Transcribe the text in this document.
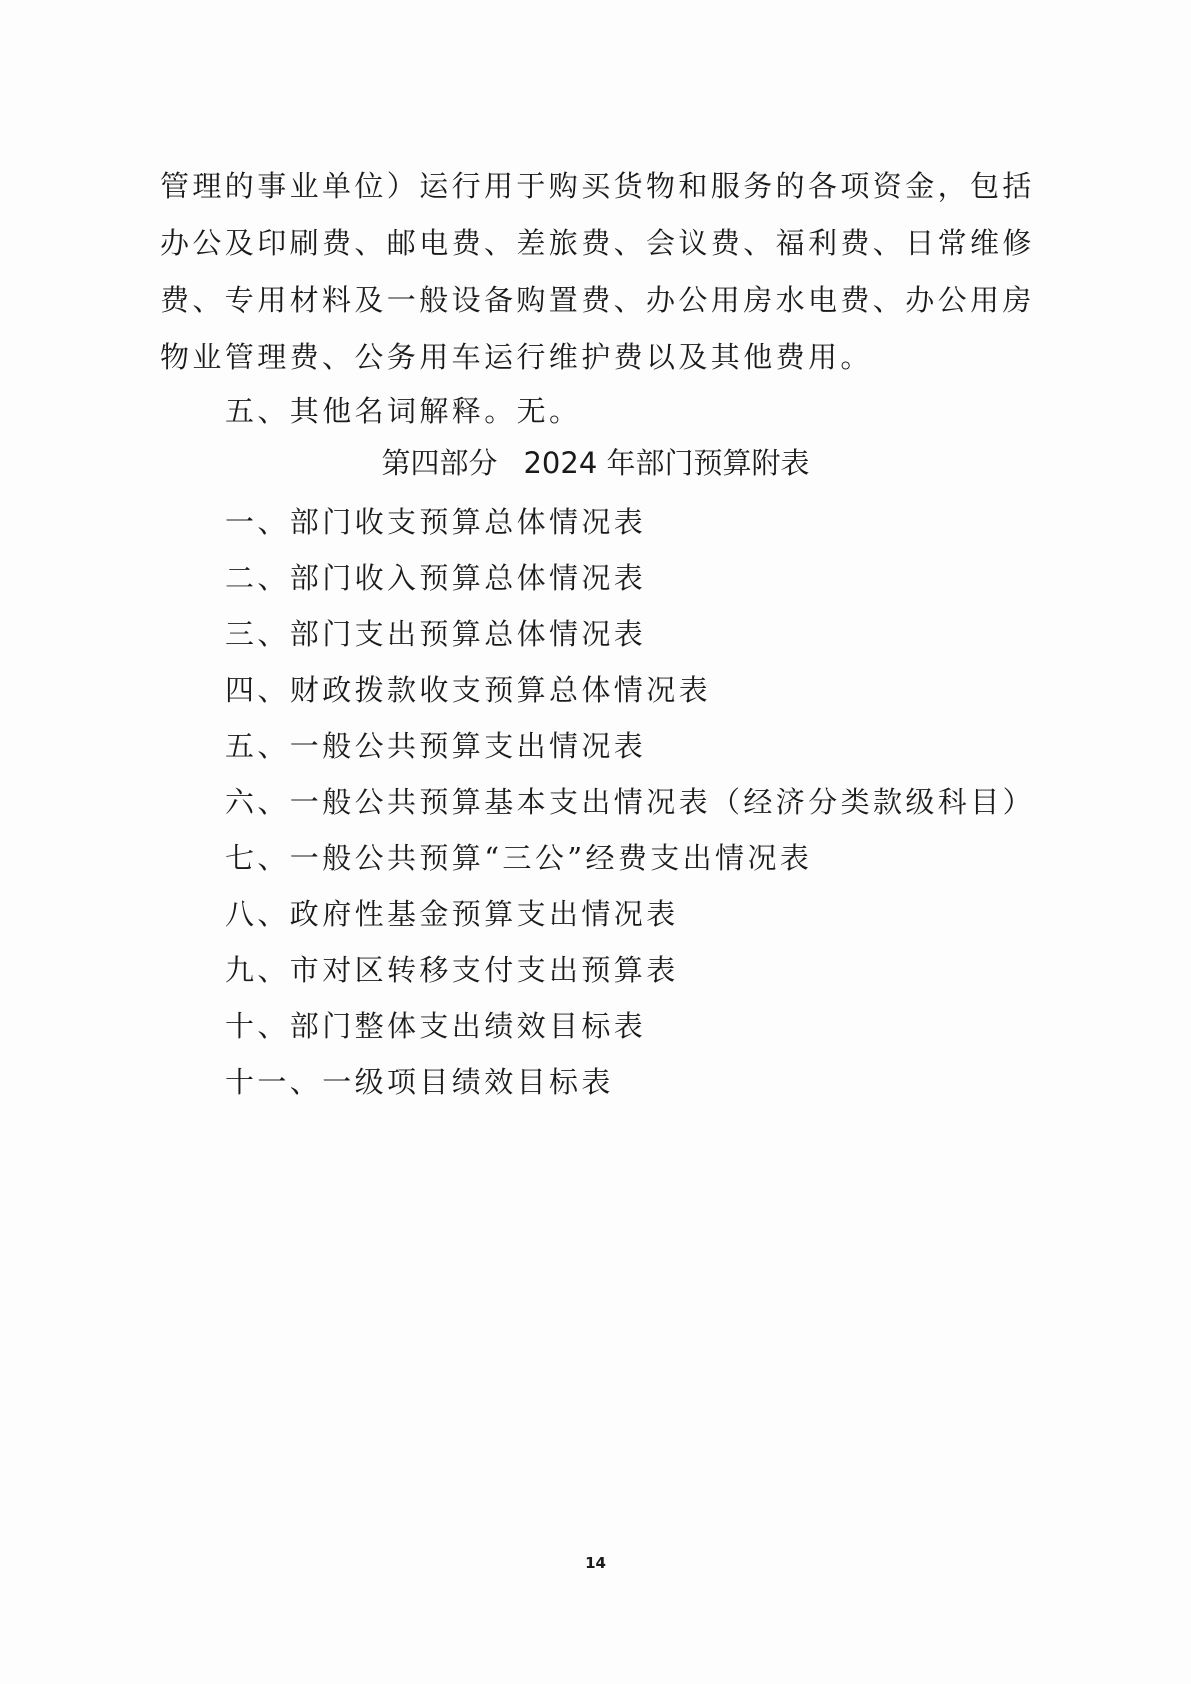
管理的事业单位）运行用于购买货物和服务的各项资金，包括
办公及印刷费、邮电费、差旅费、会议费、福利费、日常维修
费、专用材料及一般设备购置费、办公用房水电费、办公用房
物业管理费、公务用车运行维护费以及其他费用。
五、其他名词解释。无。
第四部分 2024 年部门预算附表
一、部门收支预算总体情况表
二、部门收入预算总体情况表
三、部门支出预算总体情况表
四、财政拨款收支预算总体情况表
五、一般公共预算支出情况表
六、一般公共预算基本支出情况表（经济分类款级科目）
七、一般公共预算“三公”经费支出情况表
八、政府性基金预算支出情况表
九、市对区转移支付支出预算表
十、部门整体支出绩效目标表
十一、一级项目绩效目标表
14
